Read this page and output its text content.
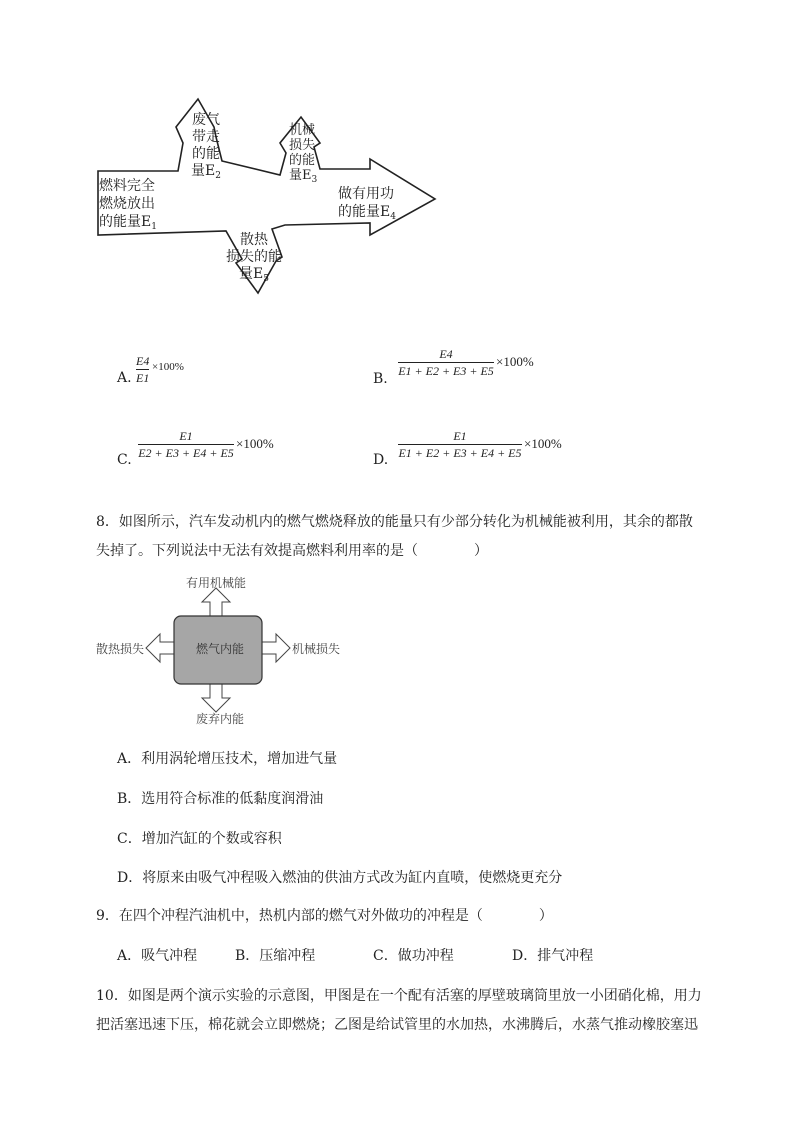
燃料完全
燃烧放出
的能量$E_1$
废气
带走
的能
量$E_2$
机械
损失
的能
量$E_3$
做有用功
的能量$E_4$
散热
损失的能
量$E_5$
A.
E4
E1
×100%
B.
E4
E1 + E2 + E3 + E5
×100%
C.
E1
E2 + E3 + E4 + E5
×100%
D.
E1
E1 + E2 + E3 + E4 + E5
×100%
8．如图所示，汽车发动机内的燃气燃烧释放的能量只有少部分转化为机械能被利用，其余的都散
失掉了。下列说法中无法有效提高燃料利用率的是（　　　　）
有用机械能
燃气内能
散热损失	机械损失
废弃内能
A．利用涡轮增压技术，增加进气量
B．选用符合标准的低黏度润滑油
C．增加汽缸的个数或容积
D．将原来由吸气冲程吸入燃油的供油方式改为缸内直喷，使燃烧更充分
9．在四个冲程汽油机中，热机内部的燃气对外做功的冲程是（　　　　）
A．吸气冲程	B．压缩冲程	C．做功冲程	D．排气冲程
10．如图是两个演示实验的示意图，甲图是在一个配有活塞的厚壁玻璃筒里放一小团硝化棉，用力
把活塞迅速下压，棉花就会立即燃烧；乙图是给试管里的水加热，水沸腾后，水蒸气推动橡胶塞迅
